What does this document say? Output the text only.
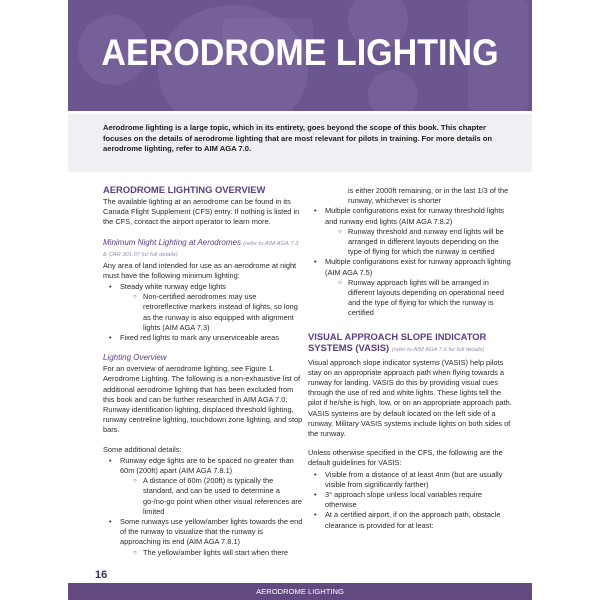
AERODROME LIGHTING
Aerodrome lighting is a large topic, which in its entirety, goes beyond the scope of this book. This chapter focuses on the details of aerodrome lighting that are most relevant for pilots in training. For more details on aerodrome lighting, refer to AIM AGA 7.0.
AERODROME LIGHTING OVERVIEW

The available lighting at an aerodrome can be found in its Canada Flight Supplement (CFS) entry. If nothing is listed in the CFS, contact the airport operator to learn more.

Minimum Night Lighting at Aerodromes (refer to AIM AGA 7.3 & CAR 301.07 for full details)

Any area of land intended for use as an aerodrome at night must have the following minimum lighting:

• Steady white runway edge lights
○ Non-certified aerodromes may use retroreflective markers instead of lights, so long as the runway is also equipped with alignment lights (AIM AGA 7.3)
• Fixed red lights to mark any unserviceable areas
Lighting Overview

For an overview of aerodrome lighting, see Figure 1. Aerodrome Lighting. The following is a non-exhaustive list of additional aerodrome lighting that has been excluded from this book and can be further researched in AIM AGA 7.0: Runway identification lighting, displaced threshold lighting, runway centreline lighting, touchdown zone lighting, and stop bars.

Some additional details:

• Runway edge lights are to be spaced no greater than 60m (200ft) apart (AIM AGA 7.8.1)
○ A distance of 60m (200ft) is typically the standard, and can be used to determine a go-/no-go point when other visual references are limited
• Some runways use yellow/amber lights towards the end of the runway to visualize that the runway is approaching its end (AIM AGA 7.8.1)
○ The yellow/amber lights will start when there
is either 2000ft remaining, or in the last 1/3 of the runway, whichever is shorter
• Multiple configurations exist for runway threshold lights and runway end lights (AIM AGA 7.8.2)
○ Runway threshold and runway end lights will be arranged in different layouts depending on the type of flying for which the runway is certified
• Multiple configurations exist for runway approach lighting (AIM AGA 7.5)
○ Runway approach lights will be arranged in different layouts depending on operational need and the type of flying for which the runway is certified
VISUAL APPROACH SLOPE INDICATOR SYSTEMS (VASIS) (refer to AIM AGA 7.6 for full details)

Visual approach slope indicator systems (VASIS) help pilots stay on an appropriate approach path when flying towards a runway for landing. VASIS do this by providing visual cues through the use of red and white lights. These lights tell the pilot if he/she is high, low, or on an appropriate approach path. VASIS systems are by default located on the left side of a runway. Military VASIS systems include lights on both sides of the runway.

Unless otherwise specified in the CFS, the following are the default guidelines for VASIS:

• Visible from a distance of at least 4nm (but are usually visible from significantly farther)
• 3° approach slope unless local variables require otherwise
• At a certified airport, if on the approach path, obstacle clearance is provided for at least:
16
AERODROME LIGHTING
